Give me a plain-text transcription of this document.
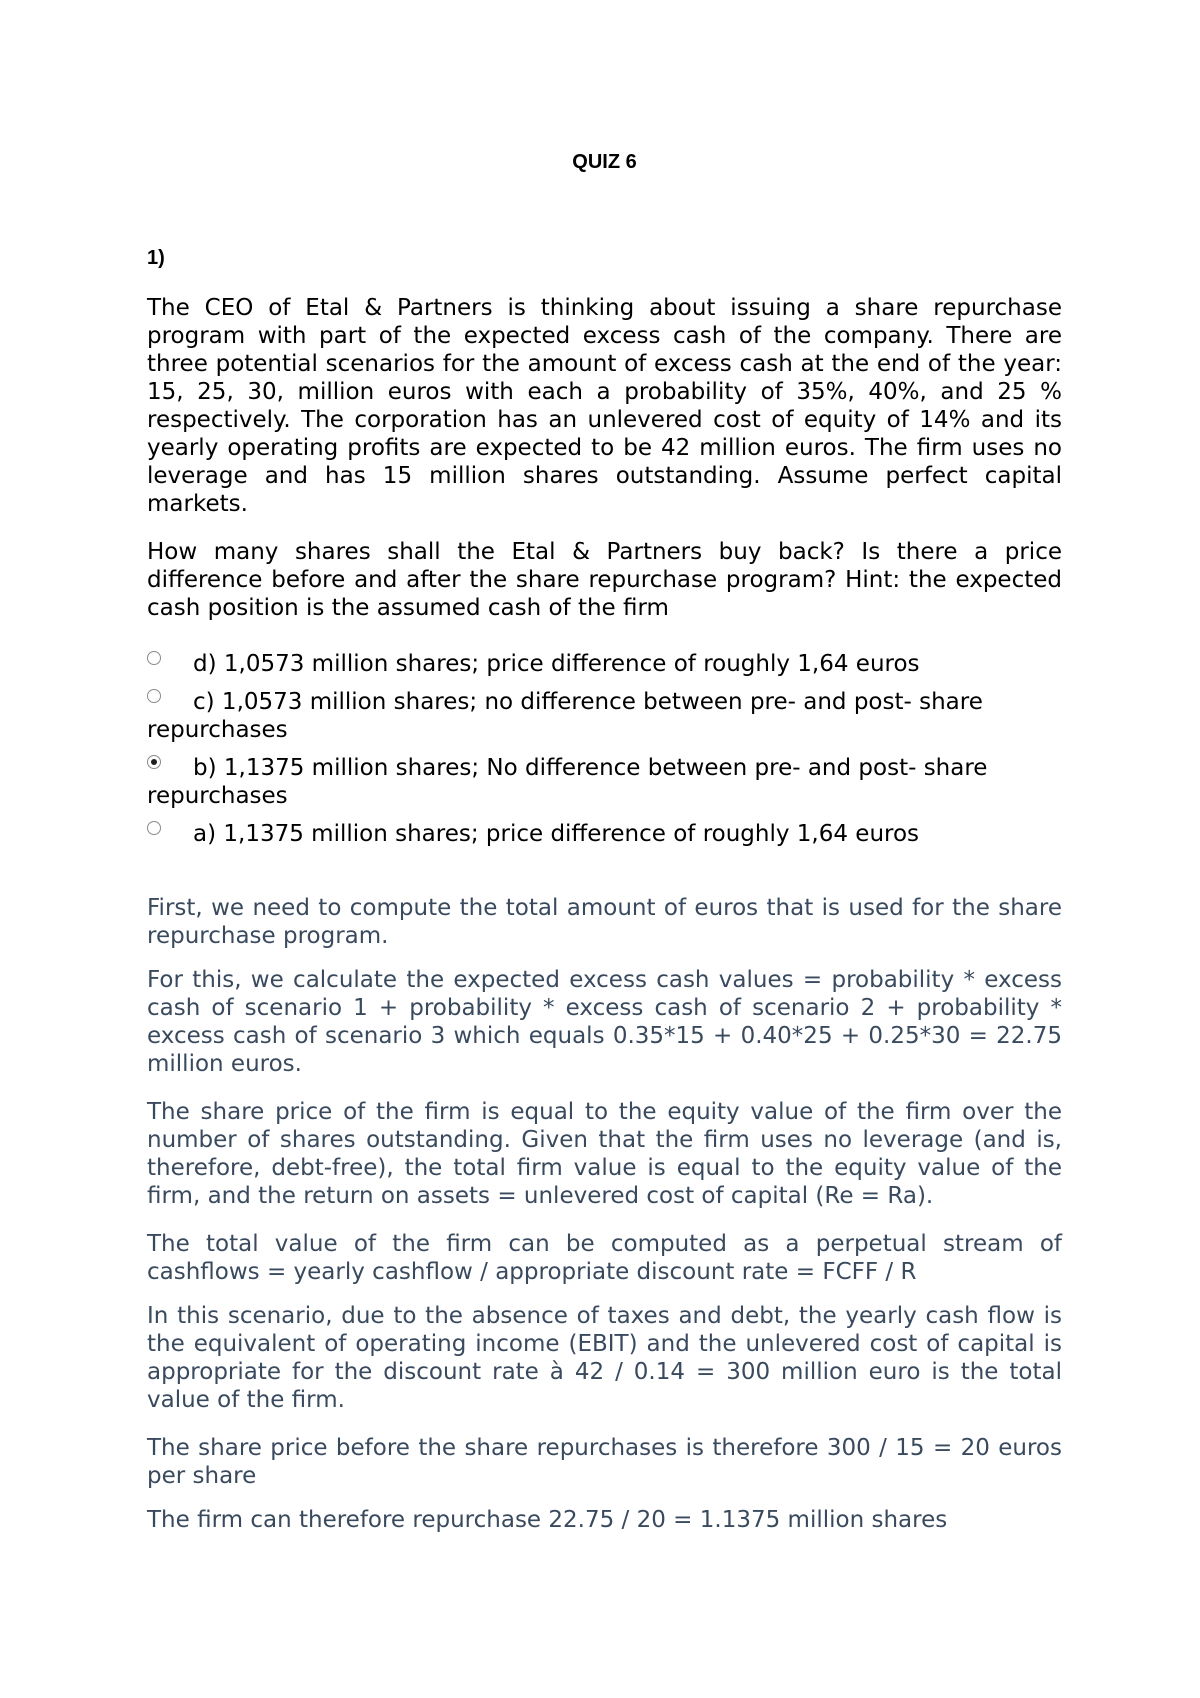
QUIZ 6
1)

The CEO of Etal & Partners is thinking about issuing a share repurchase program with part of the expected excess cash of the company. There are three potential scenarios for the amount of excess cash at the end of the year: 15, 25, 30, million euros with each a probability of 35%, 40%, and 25 % respectively. The corporation has an unlevered cost of equity of 14% and its yearly operating profits are expected to be 42 million euros. The firm uses no leverage and has 15 million shares outstanding. Assume perfect capital markets.

How many shares shall the Etal & Partners buy back? Is there a price difference before and after the share repurchase program? Hint: the expected cash position is the assumed cash of the firm

d) 1,0573 million shares; price difference of roughly 1,64 euros
c) 1,0573 million shares; no difference between pre- and post- share repurchases
b) 1,1375 million shares; No difference between pre- and post- share repurchases
a) 1,1375 million shares; price difference of roughly 1,64 euros

First, we need to compute the total amount of euros that is used for the share repurchase program.

For this, we calculate the expected excess cash values = probability * excess cash of scenario 1 + probability * excess cash of scenario 2 + probability * excess cash of scenario 3 which equals 0.35*15 + 0.40*25 + 0.25*30 = 22.75 million euros.

The share price of the firm is equal to the equity value of the firm over the number of shares outstanding. Given that the firm uses no leverage (and is, therefore, debt-free), the total firm value is equal to the equity value of the firm, and the return on assets = unlevered cost of capital (Re = Ra).

The total value of the firm can be computed as a perpetual stream of cashflows = yearly cashflow / appropriate discount rate = FCFF / R

In this scenario, due to the absence of taxes and debt, the yearly cash flow is the equivalent of operating income (EBIT) and the unlevered cost of capital is appropriate for the discount rate à 42 / 0.14 = 300 million euro is the total value of the firm.

The share price before the share repurchases is therefore 300 / 15 = 20 euros per share

The firm can therefore repurchase 22.75 / 20 = 1.1375 million shares
